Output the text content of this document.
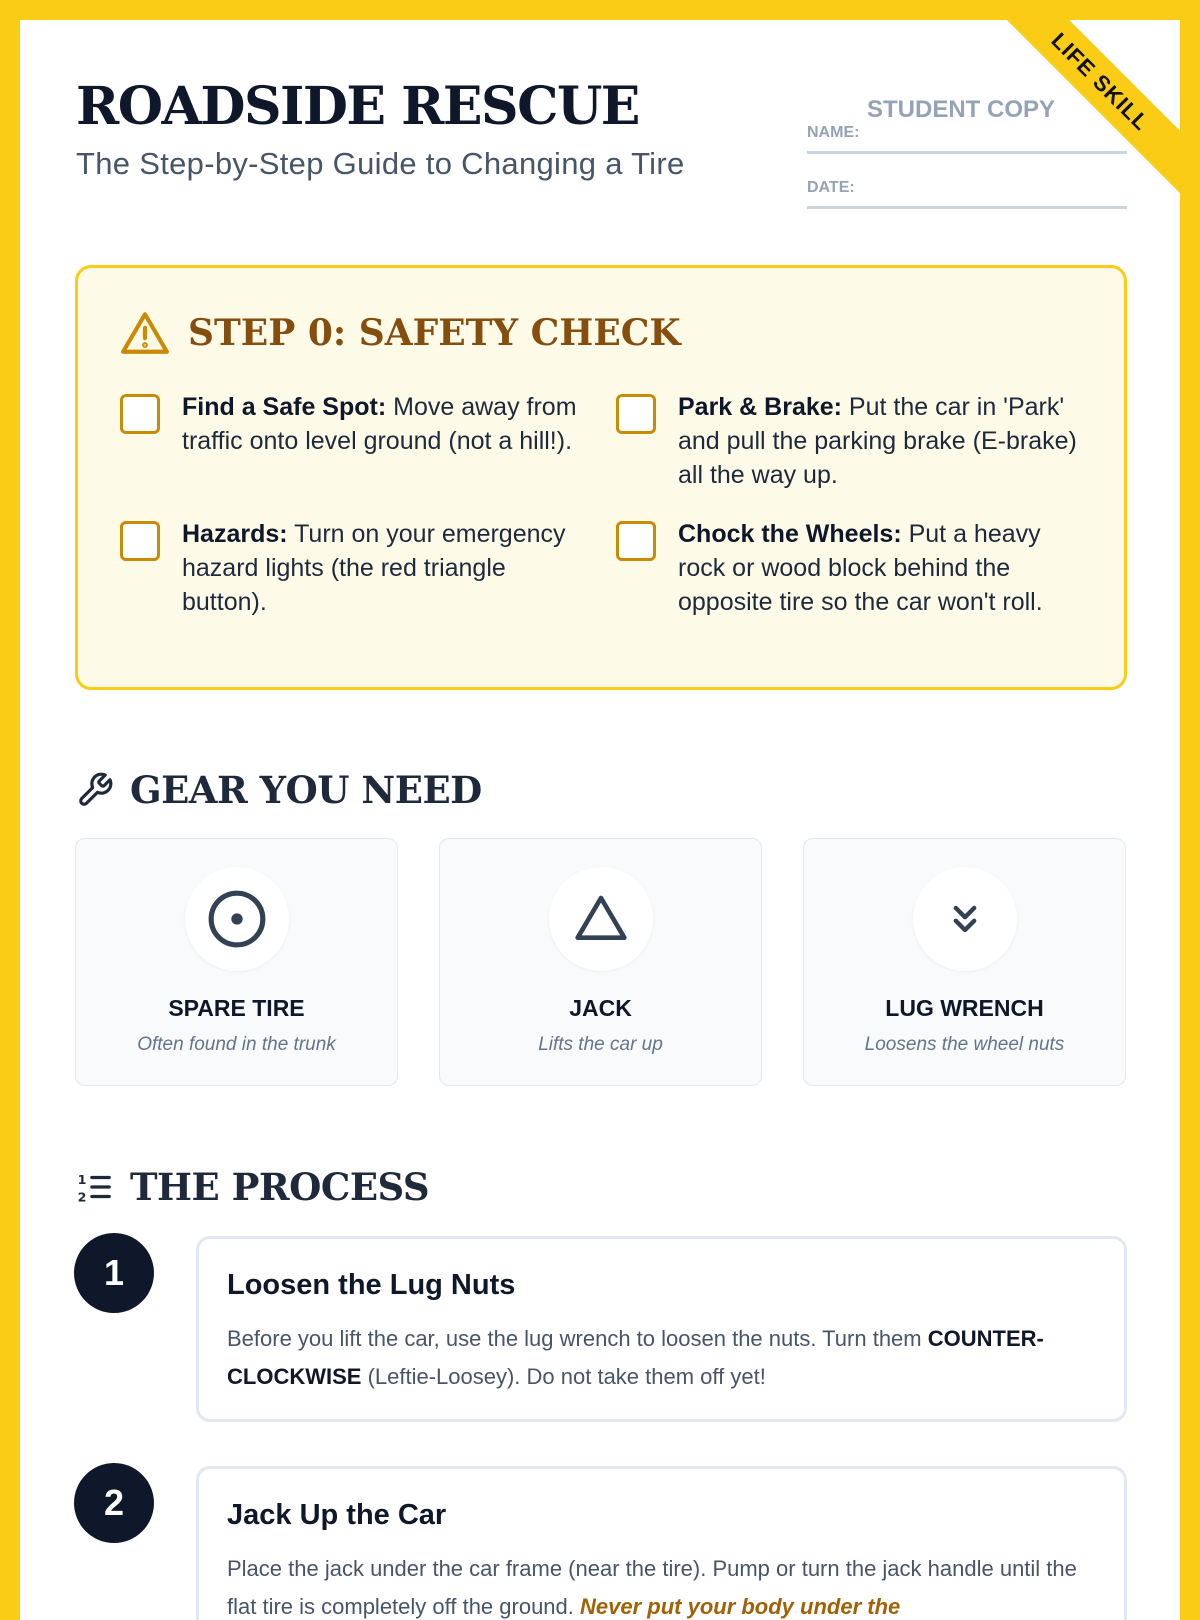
LIFE SKILL
ROADSIDE RESCUE
The Step-by-Step Guide to Changing a Tire
STUDENT COPY
NAME:
DATE:
STEP 0: SAFETY CHECK
Find a Safe Spot: Move away from traffic onto level ground (not a hill!).
Park & Brake: Put the car in 'Park' and pull the parking brake (E-brake) all the way up.
Hazards: Turn on your emergency hazard lights (the red triangle button).
Chock the Wheels: Put a heavy rock or wood block behind the opposite tire so the car won't roll.
GEAR YOU NEED
SPARE TIRE
Often found in the trunk
JACK
Lifts the car up
LUG WRENCH
Loosens the wheel nuts
1
2 THE PROCESS
1	Loosen the Lug Nuts

Before you lift the car, use the lug wrench to loosen the nuts. Turn them COUNTER-CLOCKWISE (Leftie-Loosey). Do not take them off yet!

2	Jack Up the Car

Place the jack under the car frame (near the tire). Pump or turn the jack handle until the flat tire is completely off the ground. Never put your body under the
